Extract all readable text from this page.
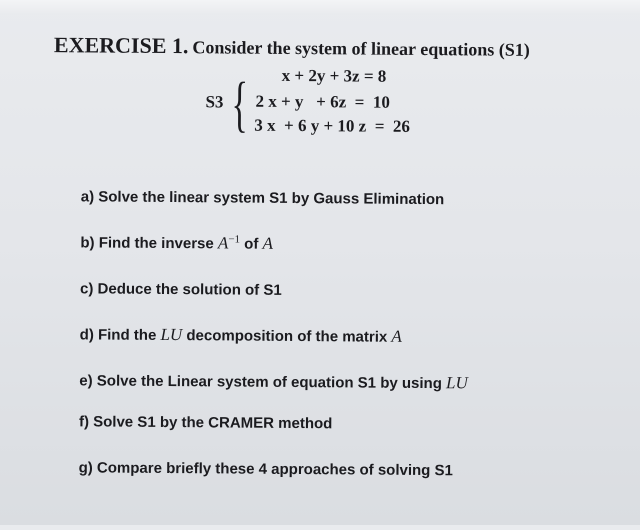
EXERCISE 1. Consider the system of linear equations (S1)
S3 { x + 2y + 3z = 8
2 x + y   + 6z  =  10
3 x  + 6 y + 10 z  =  26
a) Solve the linear system S1 by Gauss Elimination
b) Find the inverse $A^{-1}$ of A
c) Deduce the solution of S1
d) Find the LU decomposition of the matrix A
e) Solve the Linear system of equation S1 by using LU
f) Solve S1 by the CRAMER method
g) Compare briefly these 4 approaches of solving S1
